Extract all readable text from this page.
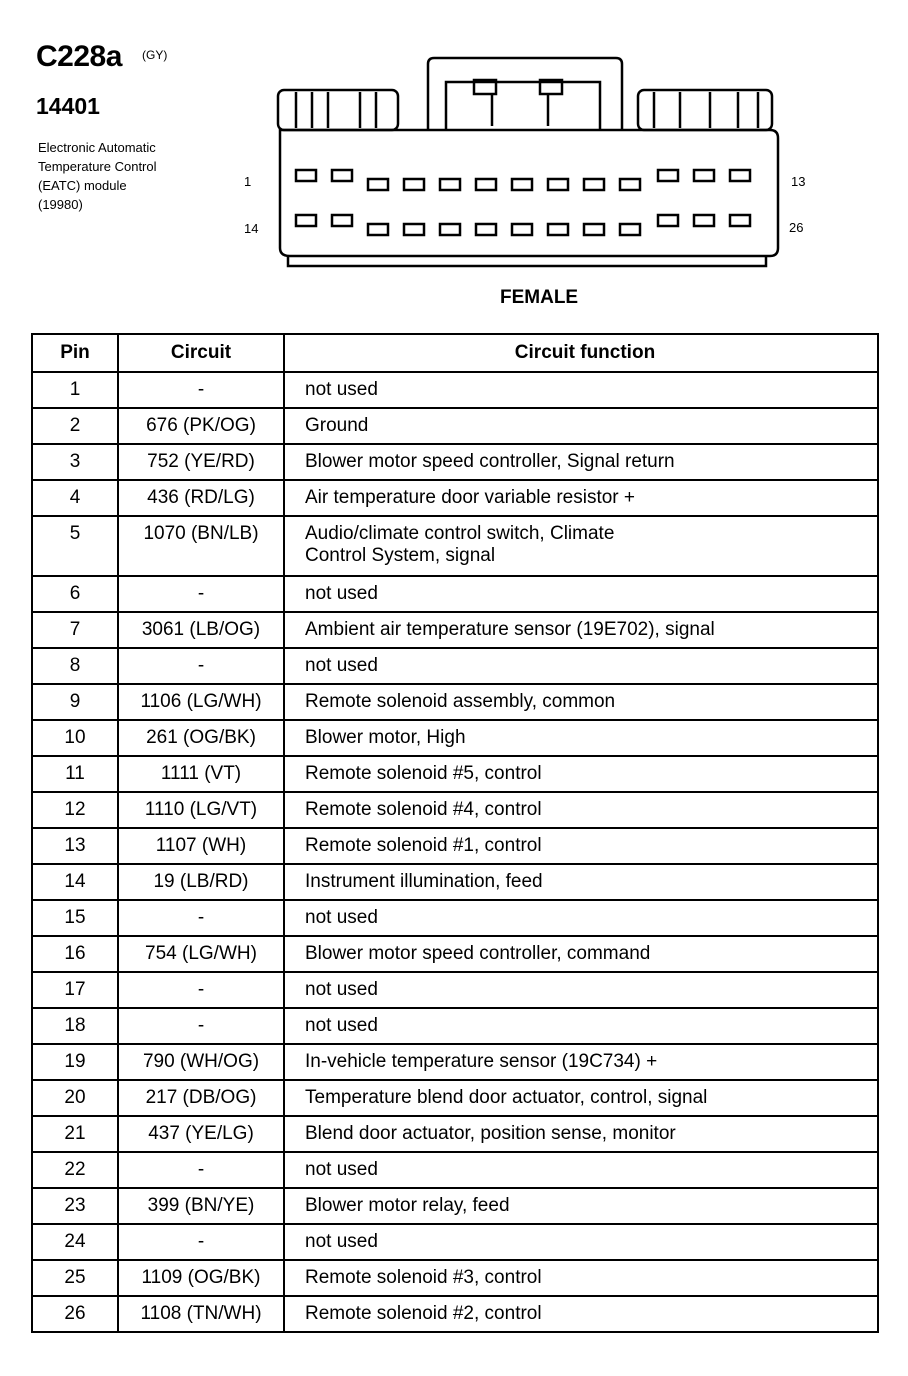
C228a (GY)
14401
Electronic Automatic
Temperature Control
(EATC) module
(19980)
1	13
14	26
FEMALE
Pin	Circuit	Circuit function
1	-	not used
2	676 (PK/OG)	Ground
3	752 (YE/RD)	Blower motor speed controller, Signal return
4	436 (RD/LG)	Air temperature door variable resistor +
5	1070 (BN/LB)	Audio/climate control switch, Climate
Control System, signal

6	-	not used
7	3061 (LB/OG)	Ambient air temperature sensor (19E702), signal
8	-	not used
9	1106 (LG/WH)	Remote solenoid assembly, common
10	261 (OG/BK)	Blower motor, High
11	1111 (VT)	Remote solenoid #5, control
12	1110 (LG/VT)	Remote solenoid #4, control
13	1107 (WH)	Remote solenoid #1, control
14	19 (LB/RD)	Instrument illumination, feed
15	-	not used
16	754 (LG/WH)	Blower motor speed controller, command
17	-	not used
18	-	not used
19	790 (WH/OG)	In-vehicle temperature sensor (19C734) +
20	217 (DB/OG)	Temperature blend door actuator, control, signal
21	437 (YE/LG)	Blend door actuator, position sense, monitor
22	-	not used
23	399 (BN/YE)	Blower motor relay, feed
24	-	not used
25	1109 (OG/BK)	Remote solenoid #3, control
26	1108 (TN/WH)	Remote solenoid #2, control
